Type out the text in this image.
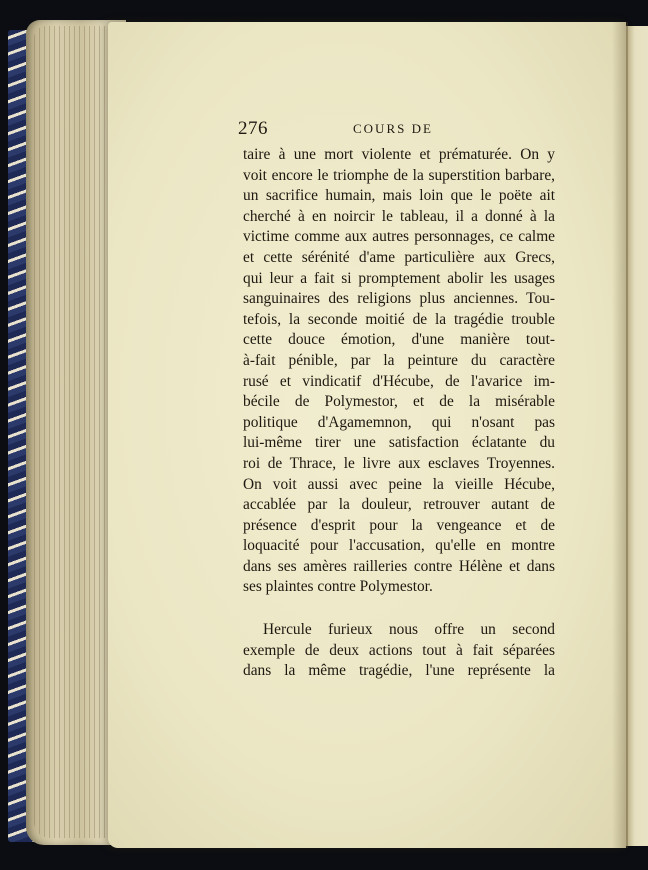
276	COURS DE
taire à une mort violente et prématurée. On y
voit encore le triomphe de la superstition barbare,
un sacrifice humain, mais loin que le poëte ait
cherché à en noircir le tableau, il a donné à la
victime comme aux autres personnages, ce calme
et cette sérénité d'ame particulière aux Grecs,
qui leur a fait si promptement abolir les usages
sanguinaires des religions plus anciennes. Tou-
tefois, la seconde moitié de la tragédie trouble
cette douce émotion, d'une manière tout-
à-fait pénible, par la peinture du caractère
rusé et vindicatif d'Hécube, de l'avarice im-
bécile de Polymestor, et de la misérable
politique d'Agamemnon, qui n'osant pas
lui-même tirer une satisfaction éclatante du
roi de Thrace, le livre aux esclaves Troyennes.
On voit aussi avec peine la vieille Hécube,
accablée par la douleur, retrouver autant de
présence d'esprit pour la vengeance et de
loquacité pour l'accusation, qu'elle en montre
dans ses amères railleries contre Hélène et dans
ses plaintes contre Polymestor.
Hercule furieux nous offre un second
exemple de deux actions tout à fait séparées
dans la même tragédie, l'une représente la
